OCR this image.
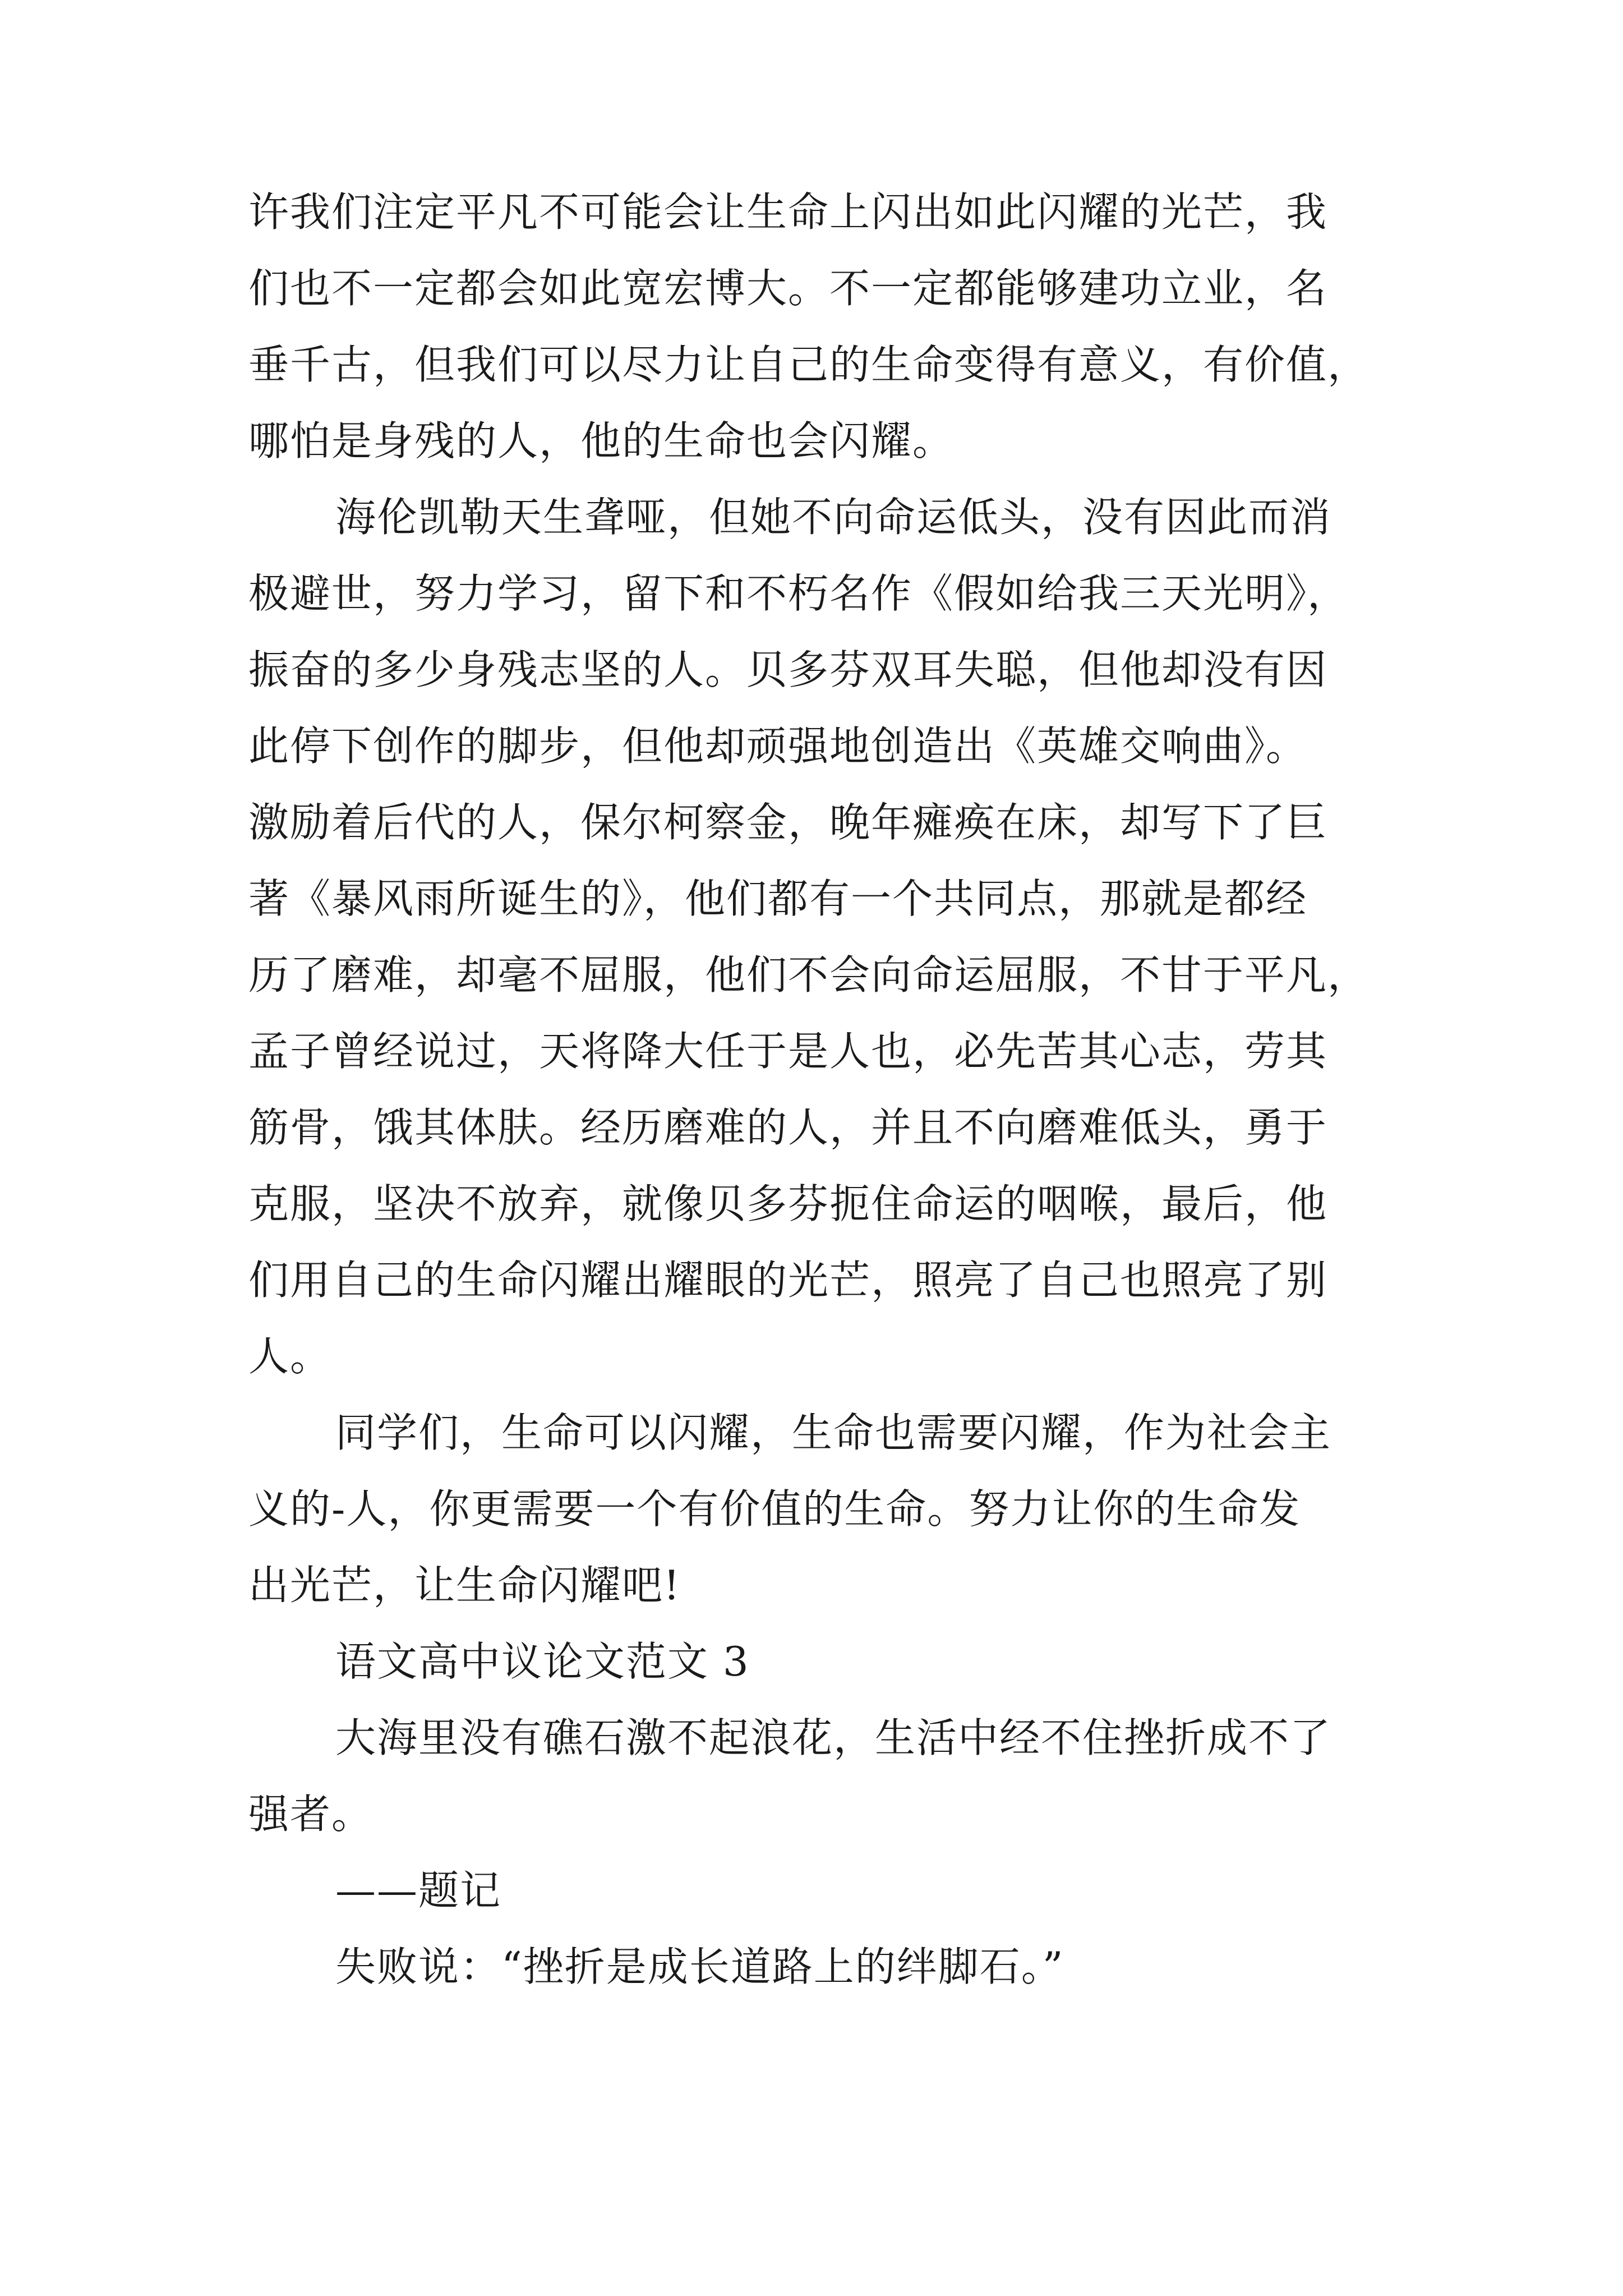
许我们注定平凡不可能会让生命上闪出如此闪耀的光芒，我
们也不一定都会如此宽宏博大。不一定都能够建功立业，名
垂千古，但我们可以尽力让自己的生命变得有意义，有价值，
哪怕是身残的人，他的生命也会闪耀。
海伦凯勒天生聋哑，但她不向命运低头，没有因此而消
极避世，努力学习，留下和不朽名作《假如给我三天光明》，
振奋的多少身残志坚的人。贝多芬双耳失聪，但他却没有因
此停下创作的脚步，但他却顽强地创造出《英雄交响曲》。
激励着后代的人，保尔柯察金，晚年瘫痪在床，却写下了巨
著《暴风雨所诞生的》，他们都有一个共同点，那就是都经
历了磨难，却毫不屈服，他们不会向命运屈服，不甘于平凡，
孟子曾经说过，天将降大任于是人也，必先苦其心志，劳其
筋骨，饿其体肤。经历磨难的人，并且不向磨难低头，勇于
克服，坚决不放弃，就像贝多芬扼住命运的咽喉，最后，他
们用自己的生命闪耀出耀眼的光芒，照亮了自己也照亮了别
人。
同学们，生命可以闪耀，生命也需要闪耀，作为社会主
义的-人，你更需要一个有价值的生命。努力让你的生命发
出光芒，让生命闪耀吧!
语文高中议论文范文 3
大海里没有礁石激不起浪花，生活中经不住挫折成不了
强者。
——题记
失败说：“挫折是成长道路上的绊脚石。”
